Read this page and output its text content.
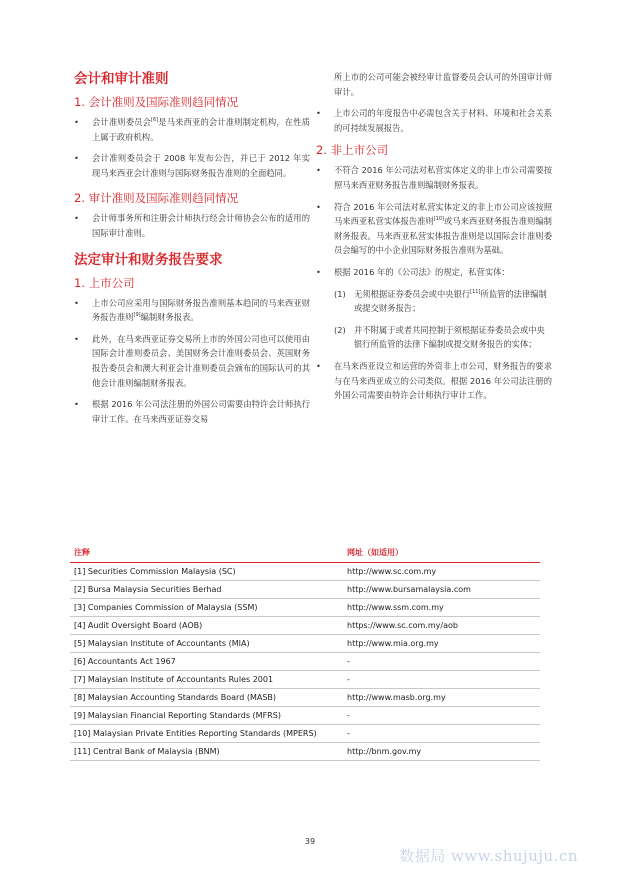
会计和审计准则
1. 会计准则及国际准则趋同情况
•	会计准则委员会[6]是马来西亚的会计准则制定机构，在性质上属于政府机构。
•	会计准则委员会于 2008 年发布公告，并已于 2012 年实现马来西亚会计准则与国际财务报告准则的全面趋同。
2. 审计准则及国际准则趋同情况
•	会计师事务所和注册会计师执行经会计师协会公布的适用的国际审计准则。
法定审计和财务报告要求
1. 上市公司
•	上市公司应采用与国际财务报告准则基本趋同的马来西亚财务报告准则[9]编制财务报表。
•	此外，在马来西亚证券交易所上市的外国公司也可以使用由国际会计准则委员会、美国财务会计准则委员会、英国财务报告委员会和澳大利亚会计准则委员会颁布的国际认可的其他会计准则编制财务报表。
•	根据 2016 年公司法注册的外国公司需要由特许会计师执行审计工作。在马来西亚证券交易
所上市的公司可能会被经审计监督委员会认可的外国审计师审计。
•	上市公司的年度报告中必需包含关于材料、环境和社会关系的可持续发展报告。
2. 非上市公司
•	不符合 2016 年公司法对私营实体定义的非上市公司需要按照马来西亚财务报告准则编制财务报表。
•	符合 2016 年公司法对私营实体定义的非上市公司应该按照马来西亚私营实体报告准则[10]或马来西亚财务报告准则编制财务报表。马来西亚私营实体报告准则是以国际会计准则委员会编写的中小企业国际财务报告准则为基础。
•	根据 2016 年的《公司法》的规定，私营实体：
(1) 无须根据证券委员会或中央银行[11]所监管的法律编制或提交财务报告；
(2) 并不附属于或者共同控制于须根据证券委员会或中央银行所监管的法律下编制或提交财务报告的实体；
•	在马来西亚设立和运营的外资非上市公司，财务报告的要求与在马来西亚成立的公司类似。根据 2016 年公司法注册的外国公司需要由特许会计师执行审计工作。
注释	网址（如适用）
[1] Securities Commission Malaysia (SC)	http://www.sc.com.my
[2] Bursa Malaysia Securities Berhad	http://www.bursamalaysia.com
[3] Companies Commission of Malaysia (SSM)	http://www.ssm.com.my
[4] Audit Oversight Board (AOB)	https://www.sc.com.my/aob
[5] Malaysian Institute of Accountants (MIA)	http://www.mia.org.my
[6] Accountants Act 1967	-
[7] Malaysian Institute of Accountants Rules 2001	-
[8] Malaysian Accounting Standards Board (MASB)	http://www.masb.org.my
[9] Malaysian Financial Reporting Standards (MFRS)	-
[10] Malaysian Private Entities Reporting Standards (MPERS)	-
[11] Central Bank of Malaysia (BNM)	http://bnm.gov.my
39
数据局 www.shujuju.cn
